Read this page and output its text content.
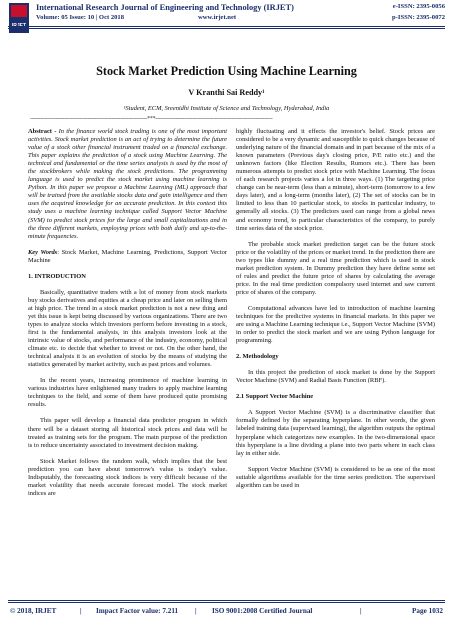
IRJET
International Research Journal of Engineering and Technology (IRJET)
Volume: 05 Issue: 10 | Oct 2018	www.irjet.net
e-ISSN: 2395-0056
p-ISSN: 2395-0072
Stock Market Prediction Using Machine Learning
V Kranthi Sai Reddy¹
¹Student, ECM, Sreenidhi Institute of Science and Technology, Hyderabad, India
---------------------------------------------------------------------***---------------------------------------------------------------------

Abstract - In the finance world stock trading is one of the most important activities. Stock market prediction is an act of trying to determine the future value of a stock other financial instrument traded on a financial exchange. This paper explains the prediction of a stock using Machine Learning. The technical and fundamental or the time series analysis is used by the most of the stockbrokers while making the stock predictions. The programming language is used to predict the stock market using machine learning is Python. In this paper we propose a Machine Learning (ML) approach that will be trained from the available stocks data and gain intelligence and then uses the acquired knowledge for an accurate prediction. In this context this study uses a machine learning technique called Support Vector Machine (SVM) to predict stock prices for the large and small capitalizations and in the three different markets, employing prices with both daily and up-to-the-minute frequencies.

Key Words: Stock Market, Machine Learning, Predictions, Support Vector Machine

1. INTRODUCTION

Basically, quantitative traders with a lot of money from stock markets buy stocks derivatives and equities at a cheap price and later on selling them at high price. The trend in a stock market prediction is not a new thing and yet this issue is kept being discussed by various organizations. There are two types to analyze stocks which investors perform before investing in a stock, first is the fundamental analysis, in this analysis investors look at the intrinsic value of stocks, and performance of the industry, economy, political climate etc. to decide that whether to invest or not. On the other hand, the technical analysis it is an evolution of stocks by the means of studying the statistics generated by market activity, such as past prices and volumes.

In the recent years, increasing prominence of machine learning in various industries have enlightened many traders to apply machine learning techniques to the field, and some of them have produced quite promising results.

This paper will develop a financial data predictor program in which there will be a dataset storing all historical stock prices and data will be treated as training sets for the program. The main purpose of the prediction is to reduce uncertainty associated to investment decision making.

Stock Market follows the random walk, which implies that the best prediction you can have about tomorrow's value is today's value. Indisputably, the forecasting stock indices is very difficult because of the market volatility that needs accurate forecast model. The stock market indices are

highly fluctuating and it effects the investor's belief. Stock prices are considered to be a very dynamic and susceptible to quick changes because of underlying nature of the financial domain and in part because of the mix of a known parameters (Previous day's closing price, P/E ratio etc.) and the unknown factors (like Election Results, Rumors etc.). There has been numerous attempts to predict stock price with Machine Learning. The focus of each research projects varies a lot in three ways. (1) The targeting price change can be near-term (less than a minute), short-term (tomorrow to a few days later), and a long-term (months later), (2) The set of stocks can be in limited to less than 10 particular stock, to stocks in particular industry, to generally all stocks. (3) The predictors used can range from a global news and economy trend, to particular characteristics of the company, to purely time series data of the stock price.

The probable stock market prediction target can be the future stock price or the volatility of the prices or market trend. In the prediction there are two types like dummy and a real time prediction which is used in stock market prediction system. In Dummy prediction they have define some set of rules and predict the future price of shares by calculating the average price. In the real time prediction compulsory used internet and saw current price of shares of the company.

Computational advances have led to introduction of machine learning techniques for the predictive systems in financial markets. In this paper we are using a Machine Learning technique i.e., Support Vector Machine (SVM) in order to predict the stock market and we are using Python language for programming.

2. Methodology

In this project the prediction of stock market is done by the Support Vector Machine (SVM) and Radial Basis Function (RBF).

2.1 Support Vector Machine

A Support Vector Machine (SVM) is a discriminative classifier that formally defined by the separating hyperplane. In other words, the given labeled training data (supervised learning), the algorithm outputs the optimal hyperplane which categorizes new examples. In the two-dimensional space this hyperplane is a line dividing a plane into two parts where in each class lay in either side.

Support Vector Machine (SVM) is considered to be as one of the most suitable algorithms available for the time series prediction. The supervised algorithm can be used in

© 2018, IRJET	| Impact Factor value: 7.211 | ISO 9001:2008 Certified Journal	|	Page 1032
